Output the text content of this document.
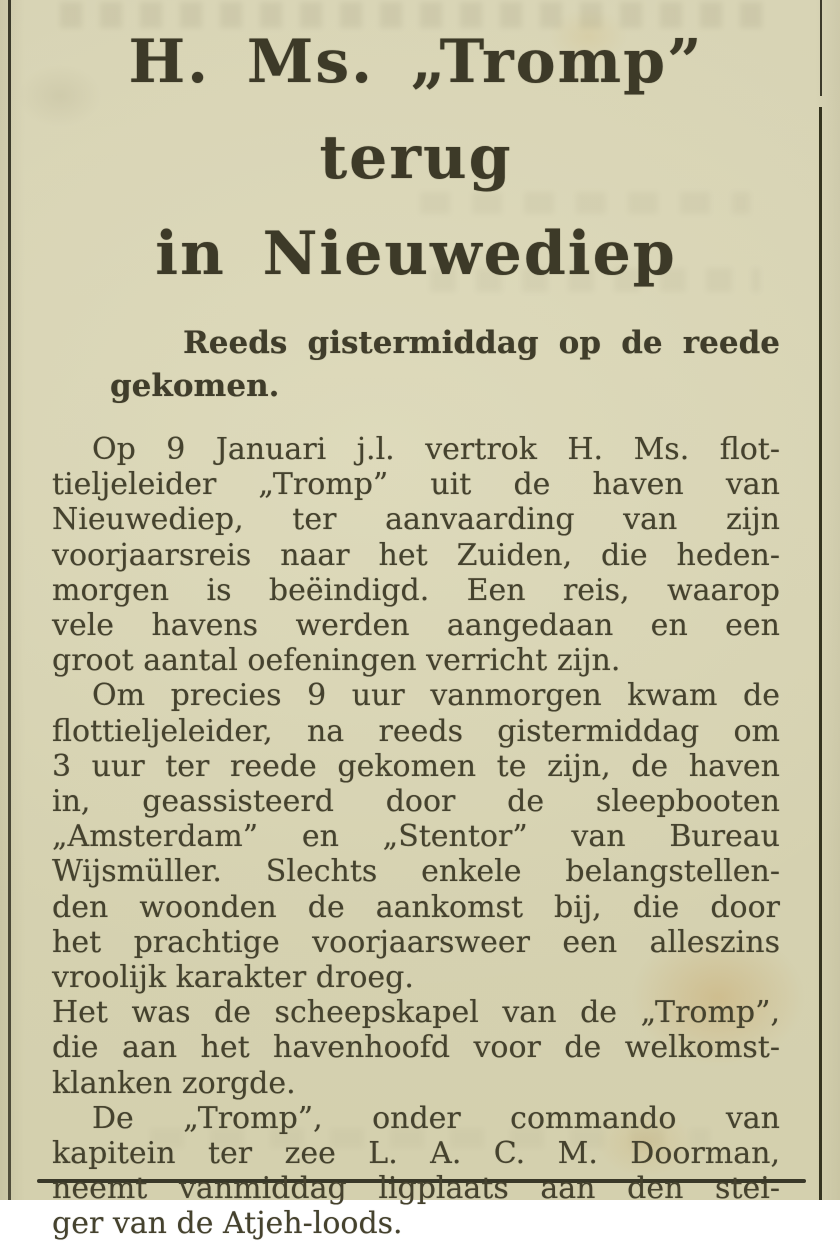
H. Ms. „Tromp” terug
in Nieuwediep
Reeds gistermiddag op de reede
gekomen.
Op 9 Januari j.l. vertrok H. Ms. flot-
tieljeleider „Tromp” uit de haven van
Nieuwediep, ter aanvaarding van zijn
voorjaarsreis naar het Zuiden, die heden-
morgen is beëindigd. Een reis, waarop
vele havens werden aangedaan en een
groot aantal oefeningen verricht zijn.
Om precies 9 uur vanmorgen kwam de
flottieljeleider, na reeds gistermiddag om
3 uur ter reede gekomen te zijn, de haven
in, geassisteerd door de sleepbooten
„Amsterdam” en „Stentor” van Bureau
Wijsmüller. Slechts enkele belangstellen-
den woonden de aankomst bij, die door
het prachtige voorjaarsweer een alleszins
vroolijk karakter droeg.
Het was de scheepskapel van de „Tromp”,
die aan het havenhoofd voor de welkomst-
klanken zorgde.
De „Tromp”, onder commando van
kapitein ter zee L. A. C. M. Doorman,
neemt vanmiddag ligplaats aan den stei-
ger van de Atjeh-loods.
